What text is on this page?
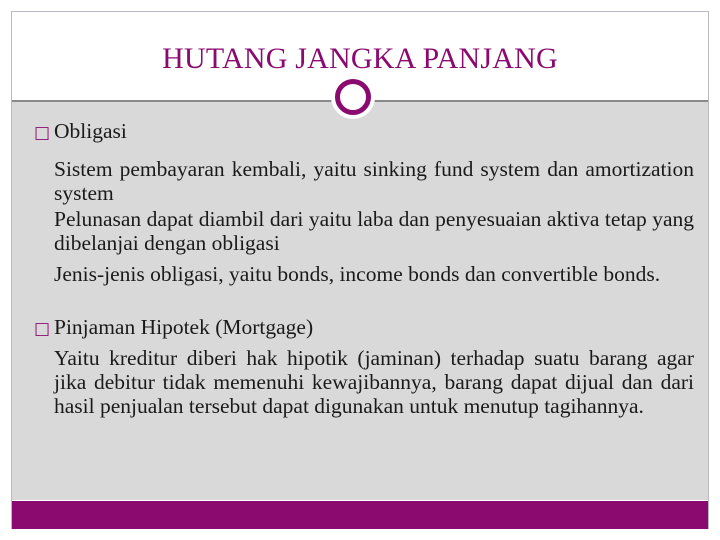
HUTANG JANGKA PANJANG
□ Obligasi
Sistem pembayaran kembali, yaitu sinking fund system dan amortization system
Pelunasan dapat diambil dari yaitu laba dan penyesuaian aktiva tetap yang dibelanjai dengan obligasi
Jenis-jenis obligasi, yaitu bonds, income bonds dan convertible bonds.
□ Pinjaman Hipotek (Mortgage)
Yaitu kreditur diberi hak hipotik (jaminan) terhadap suatu barang agar jika debitur tidak memenuhi kewajibannya, barang dapat dijual dan dari hasil penjualan tersebut dapat digunakan untuk menutup tagihannya.
